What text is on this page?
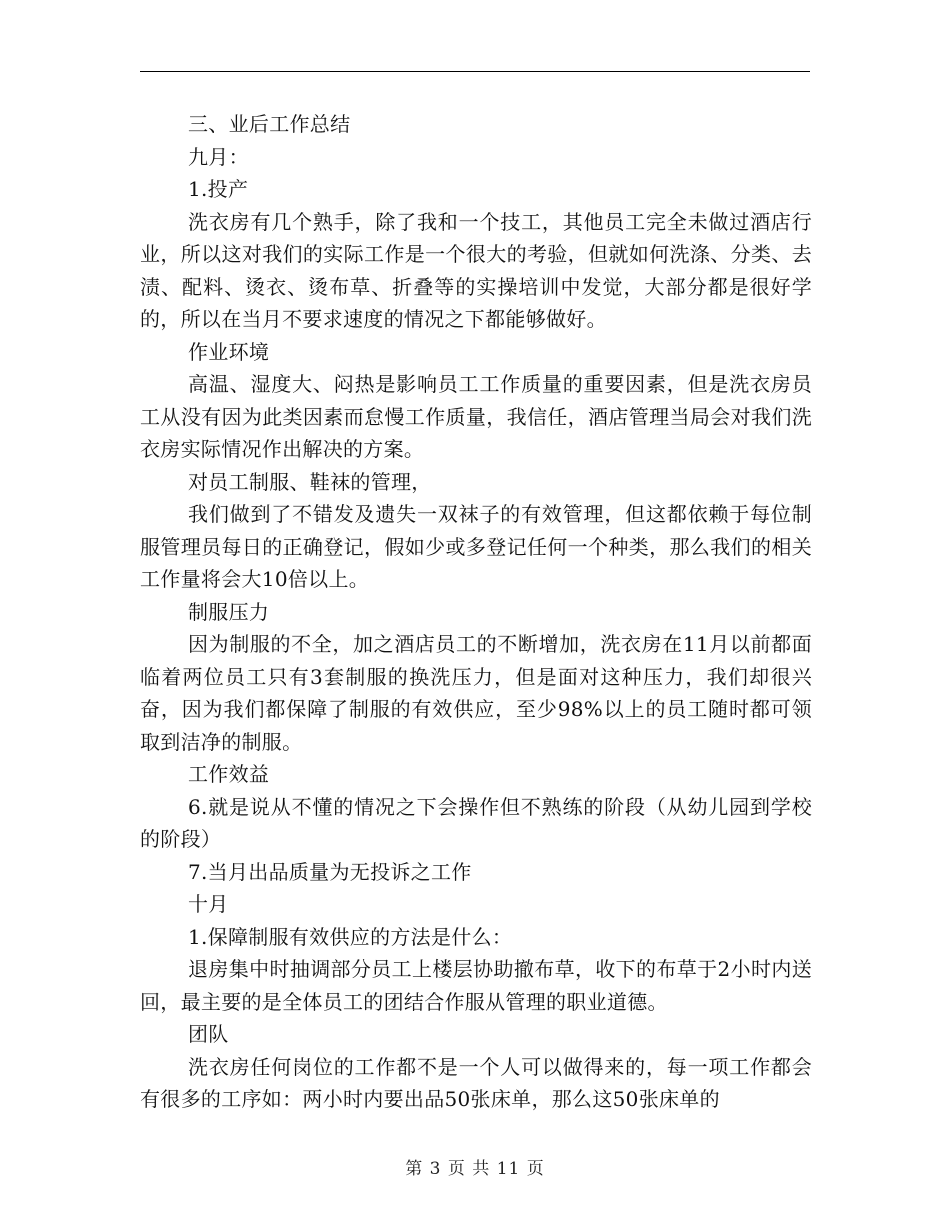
三、业后工作总结

九月：

1.投产

洗衣房有几个熟手，除了我和一个技工，其他员工完全未做过酒店行业，所以这对我们的实际工作是一个很大的考验，但就如何洗涤、分类、去渍、配料、烫衣、烫布草、折叠等的实操培训中发觉，大部分都是很好学的，所以在当月不要求速度的情况之下都能够做好。

作业环境

高温、湿度大、闷热是影响员工工作质量的重要因素，但是洗衣房员工从没有因为此类因素而怠慢工作质量，我信任，酒店管理当局会对我们洗衣房实际情况作出解决的方案。

对员工制服、鞋袜的管理，

我们做到了不错发及遗失一双袜子的有效管理，但这都依赖于每位制服管理员每日的正确登记，假如少或多登记任何一个种类，那么我们的相关工作量将会大10倍以上。

制服压力

因为制服的不全，加之酒店员工的不断增加，洗衣房在11月以前都面临着两位员工只有3套制服的换洗压力，但是面对这种压力，我们却很兴奋，因为我们都保障了制服的有效供应，至少98%以上的员工随时都可领取到洁净的制服。

工作效益

6.就是说从不懂的情况之下会操作但不熟练的阶段（从幼儿园到学校的阶段）

7.当月出品质量为无投诉之工作

十月

1.保障制服有效供应的方法是什么：

退房集中时抽调部分员工上楼层协助撤布草，收下的布草于2小时内送回，最主要的是全体员工的团结合作服从管理的职业道德。

团队

洗衣房任何岗位的工作都不是一个人可以做得来的，每一项工作都会有很多的工序如：两小时内要出品50张床单，那么这50张床单的

第 3 页 共 11 页
